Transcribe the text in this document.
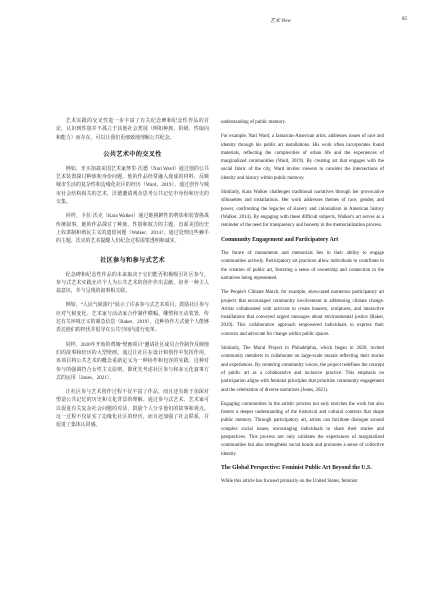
艺术 View	85

艺术实践的交叉性进一步丰富了有关纪念碑和纪念性作品的讨论，认识到性别并不孤立于其他社会类别（例如种族、阶级、性取向和能力）而存在。可以让我们更细致地理解公共纪念。

公共艺术中的交叉性

例如，牙买加裔美国艺术家努里·沃德（Nari Ward）通过他的公共艺术装置探讨种族和身份问题。他的作品经常融入现成的材料，反映城市生活的复杂性和边缘化社区的经历（Ward，2019）。通过创作与城市社会结构相关的艺术，沃德邀请观众思考公共记忆中身份和历史的交集。

同样，卡拉·沃克（Kara Walker）通过她挑衅性的剪影和装置挑战传统叙事。她的作品探讨了种族、性别和权力的主题，直面美国历史上奴隶制和殖民主义的遗留问题（Walker，2014）。通过处理这些棘手的主题，沃克的艺术提醒人们纪念过程需要透明和诚实。

社区参与和参与式艺术

纪念碑和纪念性作品的未来取决于它们能否积极吸引社区参与。参与式艺术实践允许个人为公共艺术的创作作出贡献，培养一种主人翁意识，并与呈现的叙事相关联。

例如，“人民气候游行”展示了许多参与式艺术项目，鼓励社区参与应对气候变化。艺术家与活动家合作制作横幅、雕塑和互动装置，传达有关环境正义的紧急信息（Baker，2019）。这种协作方式使个人能够表达他们的担忧并倡导在公共空间内进行变革。

同样，2020年开始的费城“壁画项目”邀请社区成员合作制作反映他们的故事和经历的大型壁画。通过让社区在设计和创作中发挥作用，该项目将公共艺术的概念重新定义为一种协作和包容的实践。这种对参与的强调符合女性主义原则，即优先考虑社区参与和多元化叙事方式的运用（Jones，2021）。

让社区参与艺术创作过程不仅丰富了作品，而且还有助于加深对塑造公共记忆的历史和文化背景的理解。通过参与式艺术，艺术家可以促进有关复杂社会问题的对话，鼓励个人分享他们的故事和观点。这一过程不仅证实了边缘化社区的经历，而且还加强了社会联系，并促进了集体认同感。

understanding of public memory.

For example, Nari Ward, a Jamaican-American artist, addresses issues of race and identity through his public art installations. His work often incorporates found materials, reflecting the complexities of urban life and the experiences of marginalized communities (Ward, 2019). By creating art that engages with the social fabric of the city, Ward invites viewers to consider the intersections of identity and history within public memory.

Similarly, Kara Walker challenges traditional narratives through her provocative silhouettes and installations. Her work addresses themes of race, gender, and power, confronting the legacies of slavery and colonialism in American history (Walker, 2014). By engaging with these difficult subjects, Walker's art serves as a reminder of the need for transparency and honesty in the memorialization process.

Community Engagement and Participatory Art

The future of monuments and memorials lies in their ability to engage communities actively. Participatory art practices allow individuals to contribute to the creation of public art, fostering a sense of ownership and connection to the narratives being represented.

The People's Climate March, for example, showcased numerous participatory art projects that encouraged community involvement in addressing climate change. Artists collaborated with activists to create banners, sculptures, and interactive installations that conveyed urgent messages about environmental justice (Baker, 2019). This collaborative approach empowered individuals to express their concerns and advocate for change within public spaces.

Similarly, The Mural Project in Philadelphia, which began in 2020, invited community members to collaborate on large-scale murals reflecting their stories and experiences. By centering community voices, the project redefines the concept of public art as a collaborative and inclusive practice. This emphasis on participation aligns with feminist principles that prioritize community engagement and the celebration of diverse narratives (Jones, 2021).

Engaging communities in the artistic process not only enriches the work but also fosters a deeper understanding of the historical and cultural contexts that shape public memory. Through participatory art, artists can facilitate dialogue around complex social issues, encouraging individuals to share their stories and perspectives. This process not only validates the experiences of marginalized communities but also strengthens social bonds and promotes a sense of collective identity.

The Global Perspective: Feminist Public Art Beyond the U.S.

While this article has focused primarily on the United States, feminist
